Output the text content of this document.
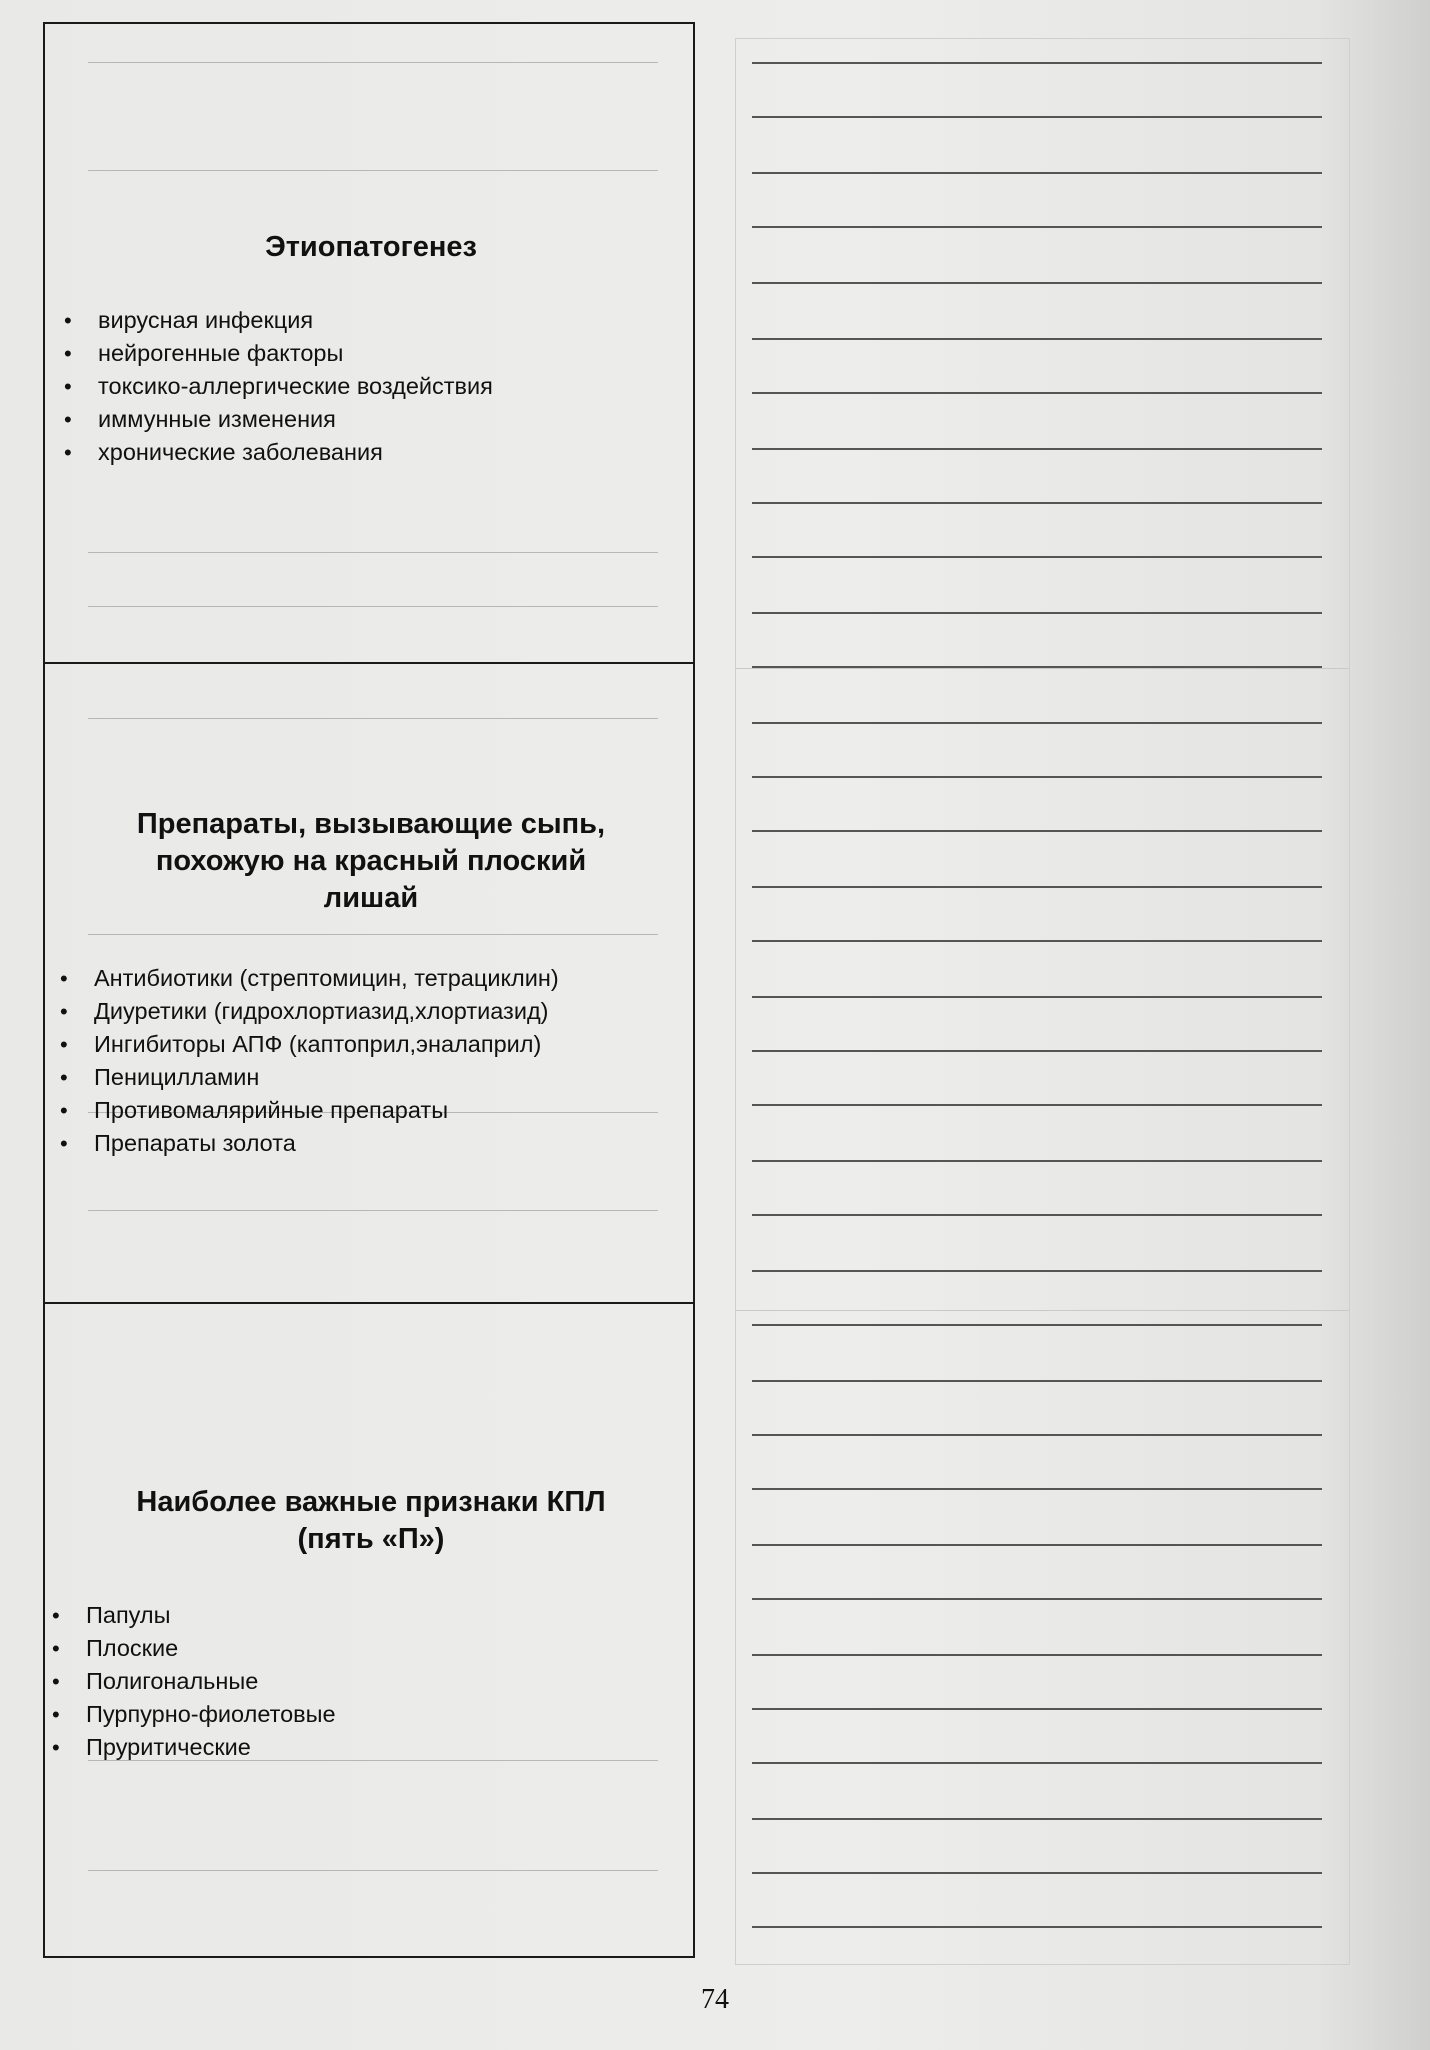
Этиопатогенез
• вирусная инфекция
• нейрогенные факторы
• токсико-аллергические воздействия
• иммунные изменения
• хронические заболевания
Препараты, вызывающие сыпь,
похожую на красный плоский
лишай
• Антибиотики (стрептомицин, тетрациклин)
• Диуретики (гидрохлортиазид,хлортиазид)
• Ингибиторы АПФ (каптоприл,эналаприл)
• Пеницилламин
• Противомалярийные препараты
• Препараты золота
Наиболее важные признаки КПЛ
(пять «П»)
• Папулы
• Плоские
• Полигональные
• Пурпурно-фиолетовые
• Пруритические
74
